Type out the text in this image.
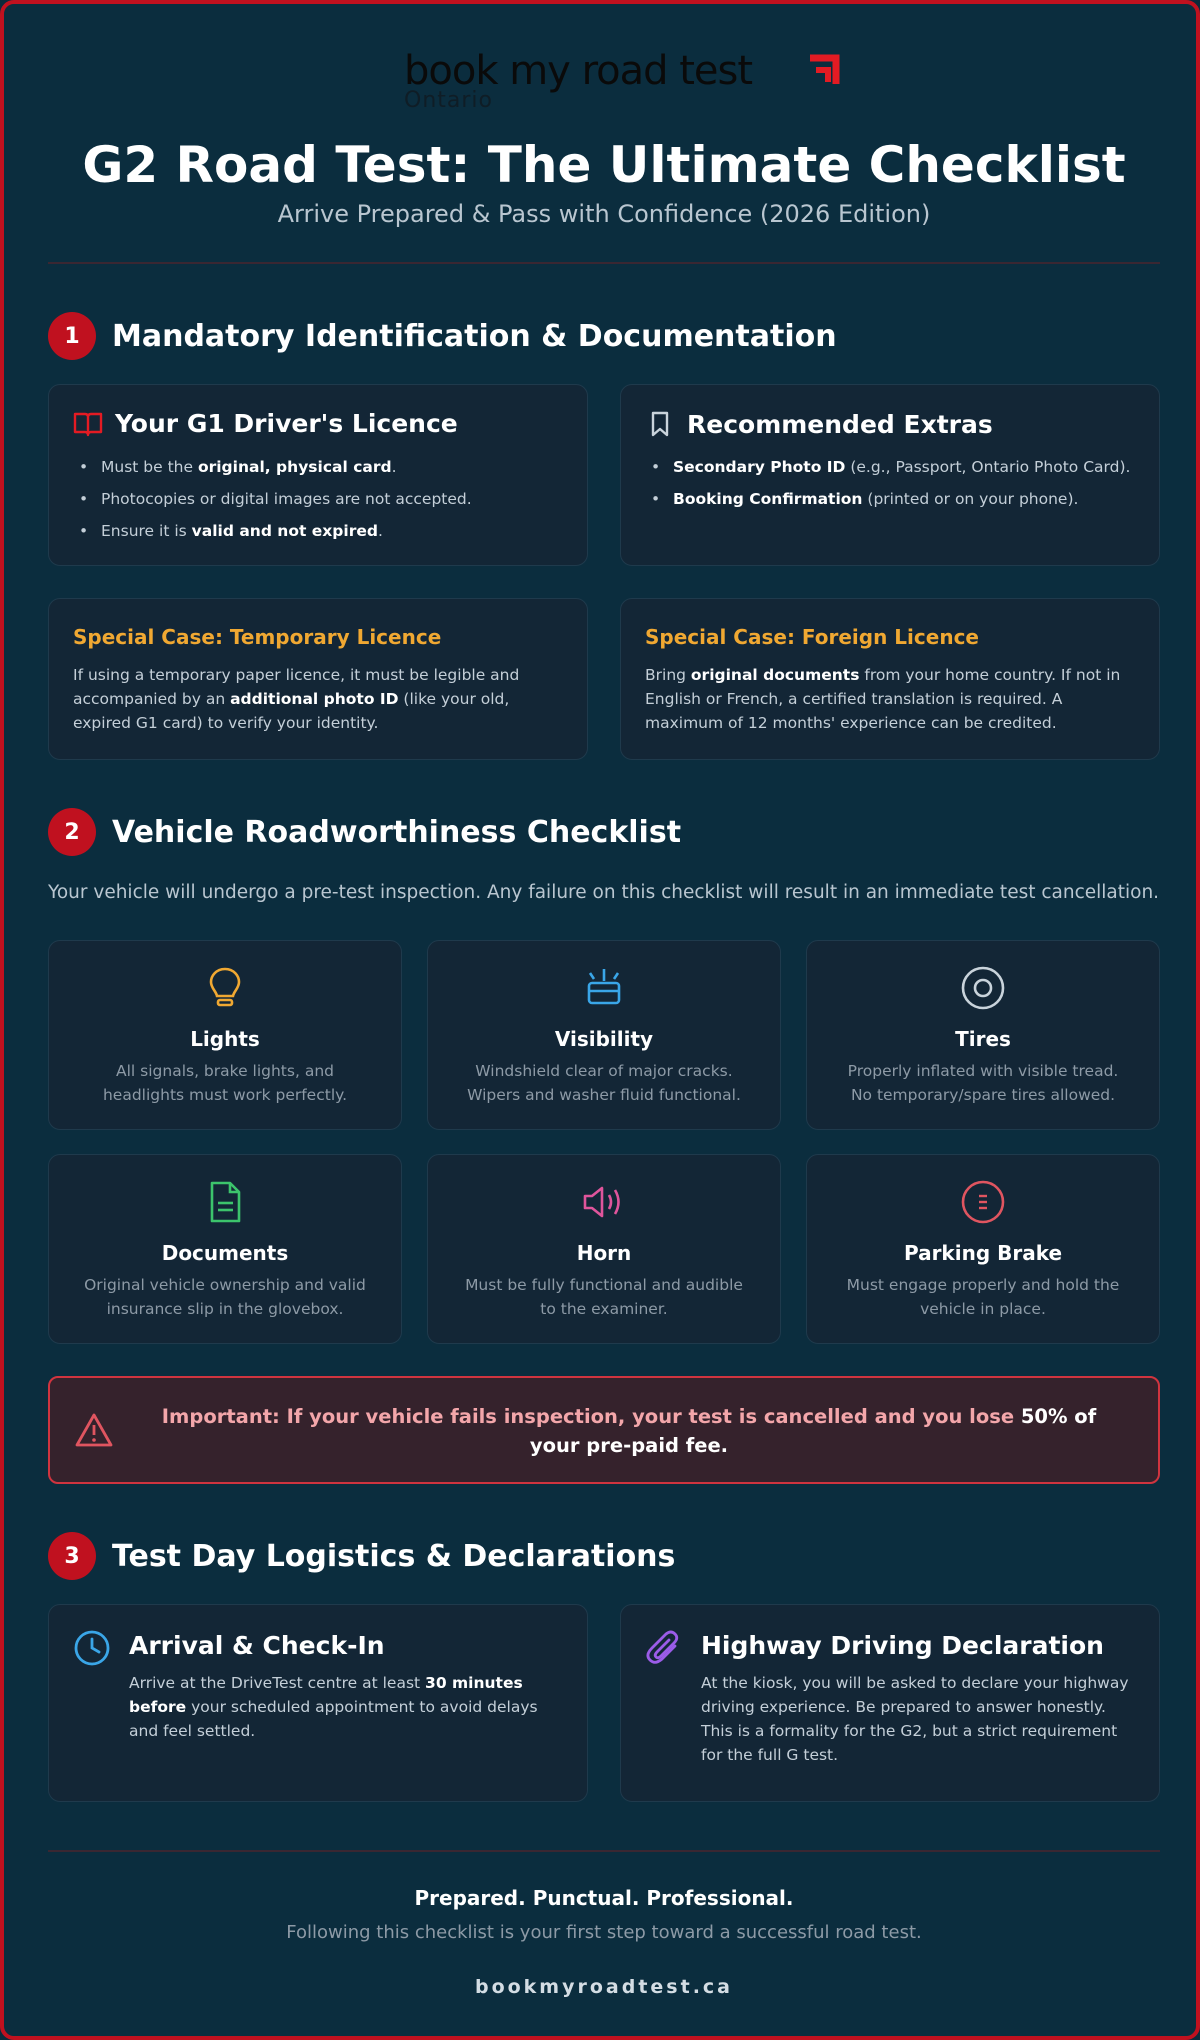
book my road test
Ontario
G2 Road Test: The Ultimate Checklist
Arrive Prepared & Pass with Confidence (2026 Edition)
1	Mandatory Identification & Documentation
Your G1 Driver's Licence
• Must be the original, physical card.
• Photocopies or digital images are not accepted.
• Ensure it is valid and not expired.
Recommended Extras
• Secondary Photo ID (e.g., Passport, Ontario Photo Card).
• Booking Confirmation (printed or on your phone).
Special Case: Temporary Licence
If using a temporary paper licence, it must be legible and accompanied by an additional photo ID (like your old, expired G1 card) to verify your identity.
Special Case: Foreign Licence
Bring original documents from your home country. If not in English or French, a certified translation is required. A maximum of 12 months' experience can be credited.
2	Vehicle Roadworthiness Checklist
Your vehicle will undergo a pre-test inspection. Any failure on this checklist will result in an immediate test cancellation.
Lights
All signals, brake lights, and headlights must work perfectly.
Visibility
Windshield clear of major cracks. Wipers and washer fluid functional.
Tires
Properly inflated with visible tread. No temporary/spare tires allowed.
Documents
Original vehicle ownership and valid insurance slip in the glovebox.
Horn
Must be fully functional and audible to the examiner.
Parking Brake
Must engage properly and hold the vehicle in place.
Important: If your vehicle fails inspection, your test is cancelled and you lose 50% of your pre-paid fee.
3	Test Day Logistics & Declarations
Arrival & Check-In
Arrive at the DriveTest centre at least 30 minutes before your scheduled appointment to avoid delays and feel settled.
Highway Driving Declaration
At the kiosk, you will be asked to declare your highway driving experience. Be prepared to answer honestly. This is a formality for the G2, but a strict requirement for the full G test.
Prepared. Punctual. Professional.
Following this checklist is your first step toward a successful road test.
bookmyroadtest.ca
